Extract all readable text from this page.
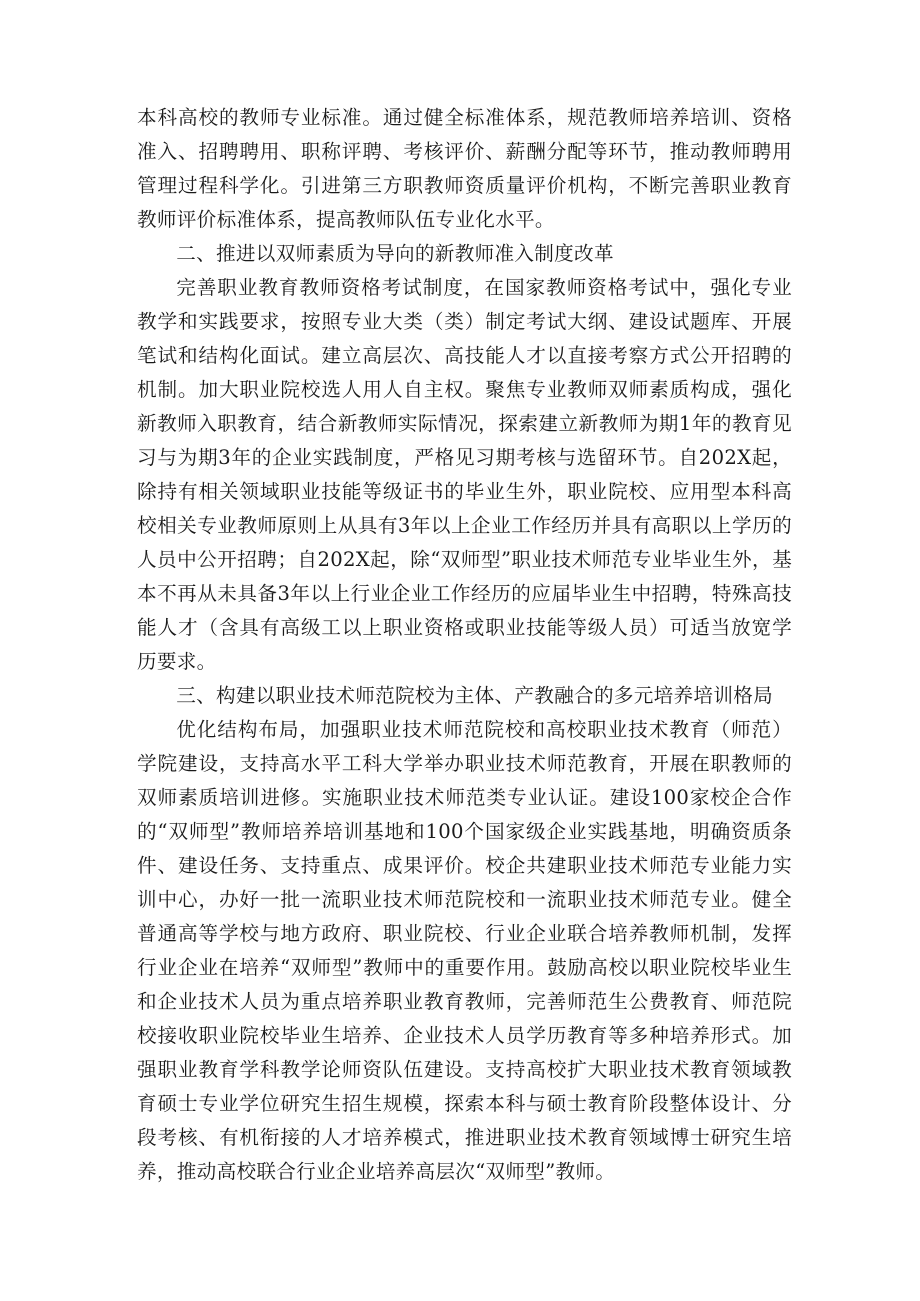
本科高校的教师专业标准。通过健全标准体系，规范教师培养培训、资格准入、招聘聘用、职称评聘、考核评价、薪酬分配等环节，推动教师聘用管理过程科学化。引进第三方职教师资质量评价机构，不断完善职业教育教师评价标准体系，提高教师队伍专业化水平。

二、推进以双师素质为导向的新教师准入制度改革

完善职业教育教师资格考试制度，在国家教师资格考试中，强化专业教学和实践要求，按照专业大类（类）制定考试大纲、建设试题库、开展笔试和结构化面试。建立高层次、高技能人才以直接考察方式公开招聘的机制。加大职业院校选人用人自主权。聚焦专业教师双师素质构成，强化新教师入职教育，结合新教师实际情况，探索建立新教师为期1年的教育见习与为期3年的企业实践制度，严格见习期考核与选留环节。自202X起，除持有相关领域职业技能等级证书的毕业生外，职业院校、应用型本科高校相关专业教师原则上从具有3年以上企业工作经历并具有高职以上学历的人员中公开招聘；自202X起，除“双师型”职业技术师范专业毕业生外，基本不再从未具备3年以上行业企业工作经历的应届毕业生中招聘，特殊高技能人才（含具有高级工以上职业资格或职业技能等级人员）可适当放宽学历要求。

三、构建以职业技术师范院校为主体、产教融合的多元培养培训格局

优化结构布局，加强职业技术师范院校和高校职业技术教育（师范）学院建设，支持高水平工科大学举办职业技术师范教育，开展在职教师的双师素质培训进修。实施职业技术师范类专业认证。建设100家校企合作的“双师型”教师培养培训基地和100个国家级企业实践基地，明确资质条件、建设任务、支持重点、成果评价。校企共建职业技术师范专业能力实训中心，办好一批一流职业技术师范院校和一流职业技术师范专业。健全普通高等学校与地方政府、职业院校、行业企业联合培养教师机制，发挥行业企业在培养“双师型”教师中的重要作用。鼓励高校以职业院校毕业生和企业技术人员为重点培养职业教育教师，完善师范生公费教育、师范院校接收职业院校毕业生培养、企业技术人员学历教育等多种培养形式。加强职业教育学科教学论师资队伍建设。支持高校扩大职业技术教育领域教育硕士专业学位研究生招生规模，探索本科与硕士教育阶段整体设计、分段考核、有机衔接的人才培养模式，推进职业技术教育领域博士研究生培养，推动高校联合行业企业培养高层次“双师型”教师。
